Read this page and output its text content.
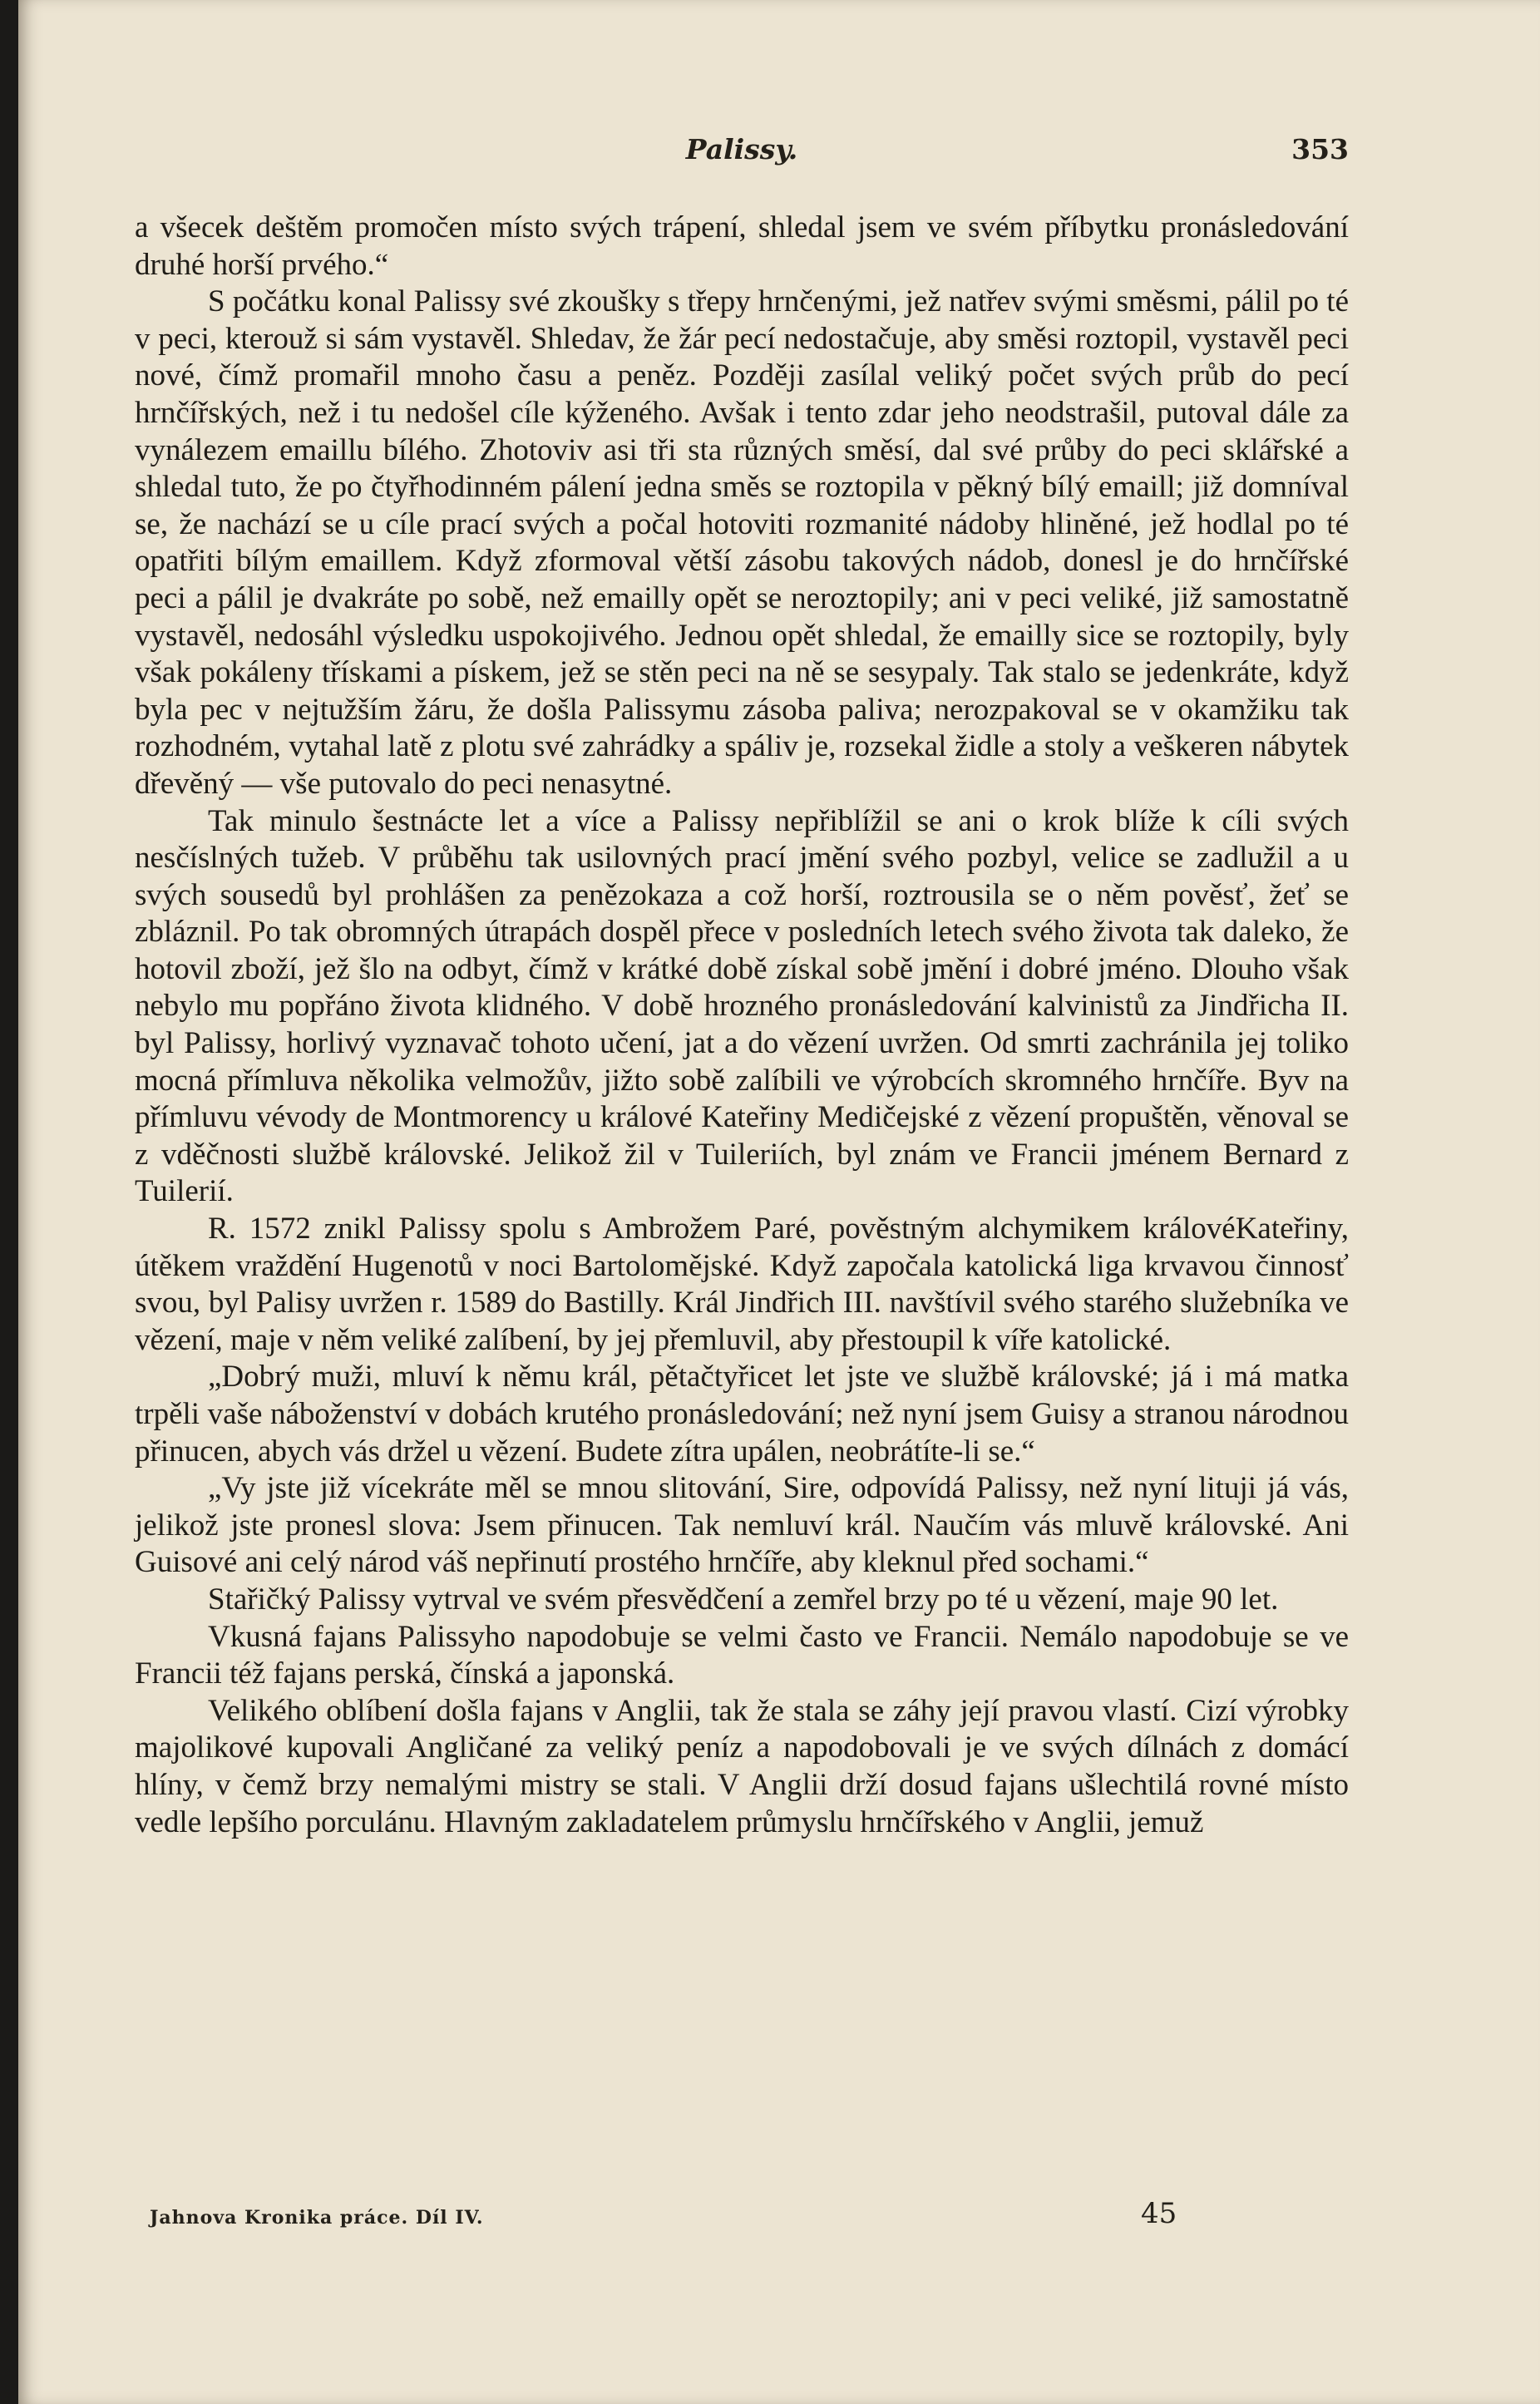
Palissy.	353

a všecek deštěm promočen místo svých trápení, shledal jsem ve svém příbytku pronásledování druhé horší prvého.“

S počátku konal Palissy své zkoušky s třepy hrnčenými, jež natřev svými směsmi, pálil po té v peci, kterouž si sám vystavěl. Shledav, že žár pecí nedostačuje, aby směsi roztopil, vystavěl peci nové, čímž promařil mnoho času a peněz. Později zasílal veliký počet svých průb do pecí hrnčířských, než i tu nedošel cíle kýženého. Avšak i tento zdar jeho neodstrašil, putoval dále za vynálezem emaillu bílého. Zhotoviv asi tři sta různých směsí, dal své průby do peci sklářské a shledal tuto, že po čtyřhodinném pálení jedna směs se roztopila v pěkný bílý emaill; již domníval se, že nachází se u cíle prací svých a počal hotoviti rozmanité nádoby hliněné, jež hodlal po té opatřiti bílým emaillem. Když zformoval větší zásobu takových nádob, donesl je do hrnčířské peci a pálil je dvakráte po sobě, než emailly opět se neroztopily; ani v peci veliké, již samostatně vystavěl, nedosáhl výsledku uspokojivého. Jednou opět shledal, že emailly sice se roztopily, byly však pokáleny třískami a pískem, jež se stěn peci na ně se sesypaly. Tak stalo se jedenkráte, když byla pec v nejtužším žáru, že došla Palissymu zásoba paliva; nerozpakoval se v okamžiku tak rozhodném, vytahal latě z plotu své zahrádky a spáliv je, rozsekal židle a stoly a veškeren nábytek dřevěný — vše putovalo do peci nenasytné.

Tak minulo šestnácte let a více a Palissy nepřiblížil se ani o krok blíže k cíli svých nesčíslných tužeb. V průběhu tak usilovných prací jmění svého pozbyl, velice se zadlužil a u svých sousedů byl prohlášen za penězokaza a což horší, roztrousila se o něm pověsť, žeť se zbláznil. Po tak obromných útrapách dospěl přece v posledních letech svého života tak daleko, že hotovil zboží, jež šlo na odbyt, čímž v krátké době získal sobě jmění i dobré jméno. Dlouho však nebylo mu popřáno života klidného. V době hrozného pronásledování kalvinistů za Jindřicha II. byl Palissy, horlivý vyznavač tohoto učení, jat a do vězení uvržen. Od smrti zachránila jej toliko mocná přímluva několika velmožův, jižto sobě zalíbili ve výrobcích skromného hrnčíře. Byv na přímluvu vévody de Montmorency u králové Kateřiny Medičejské z vězení propuštěn, věnoval se z vděčnosti službě královské. Jelikož žil v Tuileriích, byl znám ve Francii jménem Bernard z Tuilerií.

R. 1572 znikl Palissy spolu s Ambrožem Paré, pověstným alchymikem královéKateřiny, útěkem vraždění Hugenotů v noci Bartolomějské. Když započala katolická liga krvavou činnosť svou, byl Palisy uvržen r. 1589 do Bastilly. Král Jindřich III. navštívil svého starého služebníka ve vězení, maje v něm veliké zalíbení, by jej přemluvil, aby přestoupil k víře katolické.

„Dobrý muži, mluví k němu král, pětačtyřicet let jste ve službě královské; já i má matka trpěli vaše náboženství v dobách krutého pronásledování; než nyní jsem Guisy a stranou národnou přinucen, abych vás držel u vězení. Budete zítra upálen, neobrátíte-li se.“

„Vy jste již vícekráte měl se mnou slitování, Sire, odpovídá Palissy, než nyní lituji já vás, jelikož jste pronesl slova: Jsem přinucen. Tak nemluví král. Naučím vás mluvě královské. Ani Guisové ani celý národ váš nepřinutí prostého hrnčíře, aby kleknul před sochami.“

Stařičký Palissy vytrval ve svém přesvědčení a zemřel brzy po té u vězení, maje 90 let.

Vkusná fajans Palissyho napodobuje se velmi často ve Francii. Nemálo napodobuje se ve Francii též fajans perská, čínská a japonská.

Velikého oblíbení došla fajans v Anglii, tak že stala se záhy její pravou vlastí. Cizí výrobky majolikové kupovali Angličané za veliký peníz a napodobovali je ve svých dílnách z domácí hlíny, v čemž brzy nemalými mistry se stali. V Anglii drží dosud fajans ušlechtilá rovné místo vedle lepšího porculánu. Hlavným zakladatelem průmyslu hrnčířského v Anglii, jemuž

Jahnova Kronika práce. Díl IV.	45
